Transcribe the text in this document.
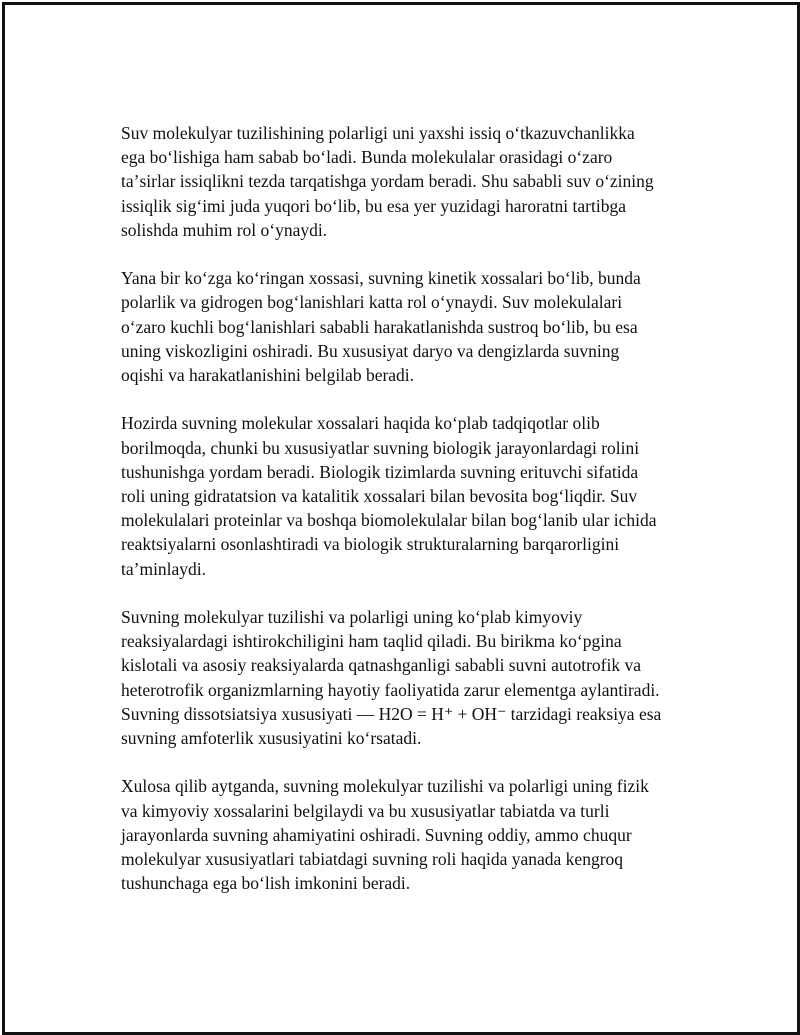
Suv molekulyar tuzilishining polarligi uni yaxshi issiq oʻtkazuvchanlikka
ega boʻlishiga ham sabab boʻladi. Bunda molekulalar orasidagi oʻzaro
taʼsirlar issiqlikni tezda tarqatishga yordam beradi. Shu sababli suv oʻzining
issiqlik sigʻimi juda yuqori boʻlib, bu esa yer yuzidagi haroratni tartibga
solishda muhim rol oʻynaydi.

Yana bir koʻzga koʻringan xossasi, suvning kinetik xossalari boʻlib, bunda
polarlik va gidrogen bogʻlanishlari katta rol oʻynaydi. Suv molekulalari
oʻzaro kuchli bogʻlanishlari sababli harakatlanishda sustroq boʻlib, bu esa
uning viskozligini oshiradi. Bu xususiyat daryo va dengizlarda suvning
oqishi va harakatlanishini belgilab beradi.

Hozirda suvning molekular xossalari haqida koʻplab tadqiqotlar olib
borilmoqda, chunki bu xususiyatlar suvning biologik jarayonlardagi rolini
tushunishga yordam beradi. Biologik tizimlarda suvning erituvchi sifatida
roli uning gidratatsion va katalitik xossalari bilan bevosita bogʻliqdir. Suv
molekulalari proteinlar va boshqa biomolekulalar bilan bogʻlanib ular ichida
reaktsiyalarni osonlashtiradi va biologik strukturalarning barqarorligini
taʼminlaydi.

Suvning molekulyar tuzilishi va polarligi uning koʻplab kimyoviy
reaksiyalardagi ishtirokchiligini ham taqlid qiladi. Bu birikma koʻpgina
kislotali va asosiy reaksiyalarda qatnashganligi sababli suvni autotrofik va
heterotrofik organizmlarning hayotiy faoliyatida zarur elementga aylantiradi.
Suvning dissotsiatsiya xususiyati — H2O = H⁺ + OH⁻ tarzidagi reaksiya esa
suvning amfoterlik xususiyatini koʻrsatadi.

Xulosa qilib aytganda, suvning molekulyar tuzilishi va polarligi uning fizik
va kimyoviy xossalarini belgilaydi va bu xususiyatlar tabiatda va turli
jarayonlarda suvning ahamiyatini oshiradi. Suvning oddiy, ammo chuqur
molekulyar xususiyatlari tabiatdagi suvning roli haqida yanada kengroq
tushunchaga ega boʻlish imkonini beradi.
